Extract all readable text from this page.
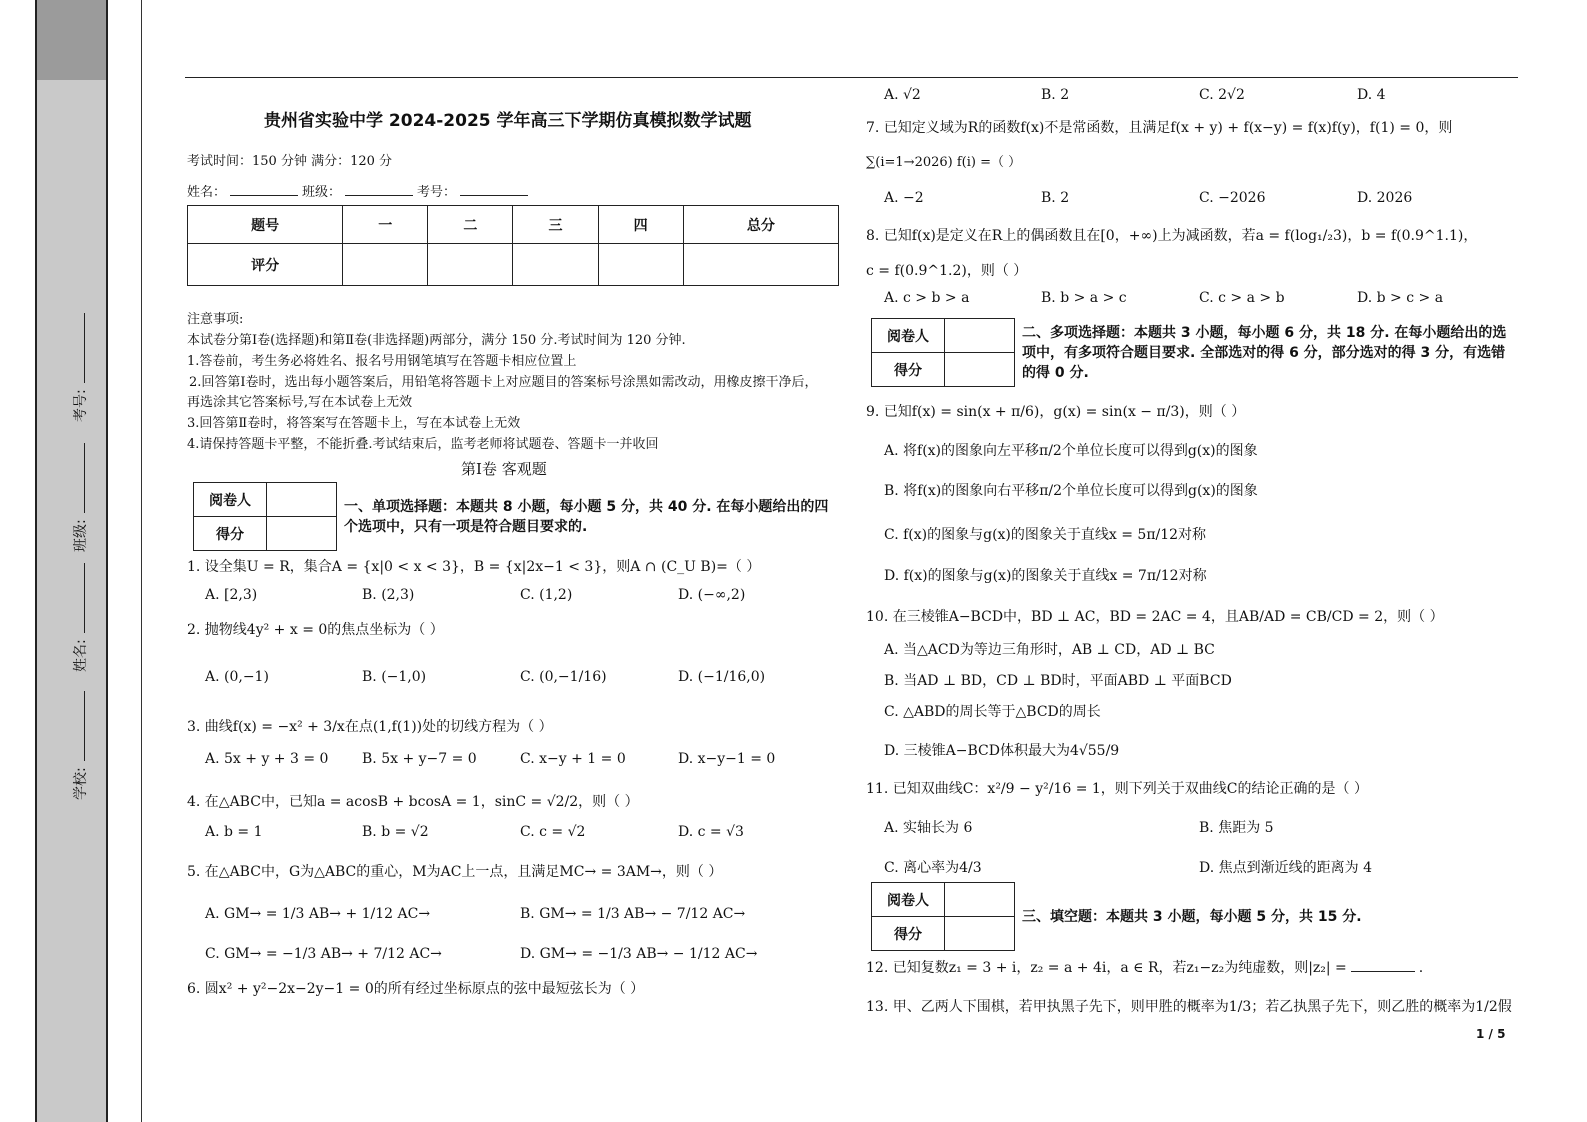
学校:
姓名:
班级:
考号:
贵州省实验中学 2024-2025 学年高三下学期仿真模拟数学试题
考试时间：150 分钟 满分：120 分
姓名：	班级：	考号：
题号	一	二	三	四	总分
评分					
注意事项:
本试卷分第Ⅰ卷(选择题)和第Ⅱ卷(非选择题)两部分，满分 150 分.考试时间为 120 分钟.
1.答卷前，考生务必将姓名、报名号用钢笔填写在答题卡相应位置上
2.回答第Ⅰ卷时，选出每小题答案后，用铅笔将答题卡上对应题目的答案标号涂黑如需改动，用橡皮擦干净后，
再选涂其它答案标号,写在本试卷上无效
3.回答第Ⅱ卷时，将答案写在答题卡上，写在本试卷上无效
4.请保持答题卡平整，不能折叠.考试结束后，监考老师将试题卷、答题卡一并收回
第Ⅰ卷 客观题
阅卷人	
得分	
一、单项选择题：本题共 8 小题，每小题 5 分，共 40 分. 在每小题给出的四个选项中，只有一项是符合题目要求的.
1. 设全集U = R，集合A = {x|0 < x < 3}，B = {x|2x−1 < 3}，则A ∩ (C_U B)=（ ）
A. [2,3)	B. (2,3)	C. (1,2)	D. (−∞,2)
2. 抛物线4y² + x = 0的焦点坐标为（ ）
A. (0,−1)	B. (−1,0)	C. (0,−1/16)	D. (−1/16,0)
3. 曲线f(x) = −x² + 3/x在点(1,f(1))处的切线方程为（ ）
A. 5x + y + 3 = 0 B. 5x + y−7 = 0	C. x−y + 1 = 0	D. x−y−1 = 0
4. 在△ABC中，已知a = acosB + bcosA = 1，sinC = √2/2，则（ ）
A. b = 1	B. b = √2	C. c = √2	D. c = √3
5. 在△ABC中，G为△ABC的重心，M为AC上一点，且满足MC→ = 3AM→，则（ ）
A. GM→ = 1/3 AB→ + 1/12 AC→	B. GM→ = 1/3 AB→ − 7/12 AC→
C. GM→ = −1/3 AB→ + 7/12 AC→	D. GM→ = −1/3 AB→ − 1/12 AC→
6. 圆x² + y²−2x−2y−1 = 0的所有经过坐标原点的弦中最短弦长为（ ）
A. √2	B. 2	C. 2√2	D. 4
7. 已知定义域为R的函数f(x)不是常函数，且满足f(x + y) + f(x−y) = f(x)f(y)，f(1) = 0，则
∑(i=1→2026) f(i) =（ ）
A. −2	B. 2	C. −2026	D. 2026
8. 已知f(x)是定义在R上的偶函数且在[0，+∞)上为减函数，若a = f(log₁/₂3)，b = f(0.9^1.1)，
c = f(0.9^1.2)，则（ ）
A. c > b > a	B. b > a > c	C. c > a > b	D. b > c > a
阅卷人	
得分	
二、多项选择题：本题共 3 小题，每小题 6 分，共 18 分. 在每小题给出的选项中，有多项符合题目要求. 全部选对的得 6 分，部分选对的得 3 分，有选错的得 0 分.
9. 已知f(x) = sin(x + π/6)，g(x) = sin(x − π/3)，则（ ）
A. 将f(x)的图象向左平移π/2个单位长度可以得到g(x)的图象
B. 将f(x)的图象向右平移π/2个单位长度可以得到g(x)的图象
C. f(x)的图象与g(x)的图象关于直线x = 5π/12对称
D. f(x)的图象与g(x)的图象关于直线x = 7π/12对称
10. 在三棱锥A−BCD中，BD ⊥ AC，BD = 2AC = 4，且AB/AD = CB/CD = 2，则（ ）
A. 当△ACD为等边三角形时，AB ⊥ CD，AD ⊥ BC
B. 当AD ⊥ BD，CD ⊥ BD时，平面ABD ⊥ 平面BCD
C. △ABD的周长等于△BCD的周长
D. 三棱锥A−BCD体积最大为4√55/9
11. 已知双曲线C：x²/9 − y²/16 = 1，则下列关于双曲线C的结论正确的是（ ）
A. 实轴长为 6	B. 焦距为 5
C. 离心率为4/3	D. 焦点到渐近线的距离为 4
阅卷人	
得分	
三、填空题：本题共 3 小题，每小题 5 分，共 15 分.
12. 已知复数z₁ = 3 + i，z₂ = a + 4i，a ∈ R，若z₁−z₂为纯虚数，则|z₂| =	.
13. 甲、乙两人下围棋，若甲执黑子先下，则甲胜的概率为1/3；若乙执黑子先下，则乙胜的概率为1/2假
1 / 5
